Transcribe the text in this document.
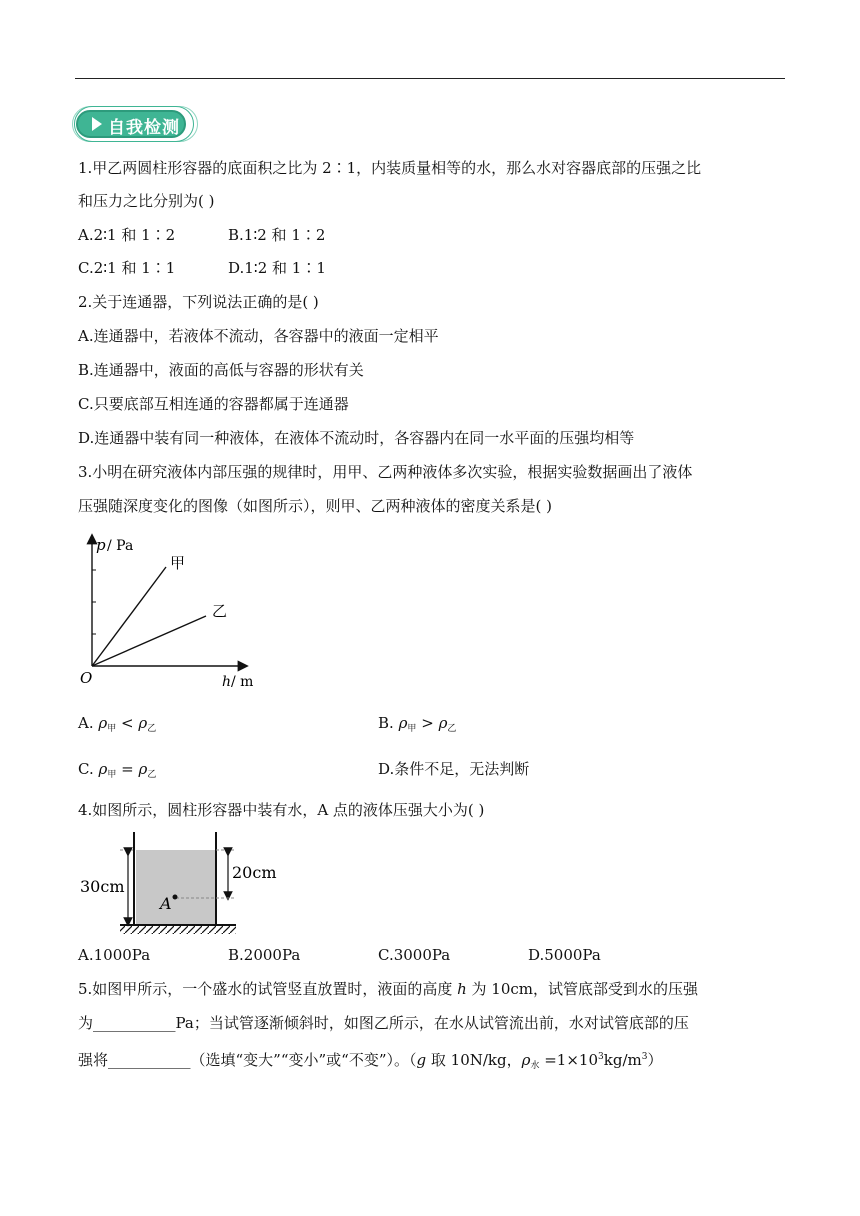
自我检测
1.甲乙两圆柱形容器的底面积之比为 2∶1，内装质量相等的水，那么水对容器底部的压强之比
和压力之比分别为( )
A.2∶1 和 1∶2	B.1∶2 和 1∶2
C.2∶1 和 1∶1	D.1∶2 和 1∶1
2.关于连通器，下列说法正确的是( )
A.连通器中，若液体不流动，各容器中的液面一定相平
B.连通器中，液面的高低与容器的形状有关
C.只要底部互相连通的容器都属于连通器
D.连通器中装有同一种液体，在液体不流动时，各容器内在同一水平面的压强均相等
3.小明在研究液体内部压强的规律时，用甲、乙两种液体多次实验，根据实验数据画出了液体
压强随深度变化的图像（如图所示），则甲、乙两种液体的密度关系是( )
p / Pa
甲
乙
O	h / m
A. $\rho_甲 < \rho_乙$	B. $\rho_甲 > \rho_乙$
C. $\rho_甲 = \rho_乙$	D.条件不足，无法判断
4.如图所示，圆柱形容器中装有水，A 点的液体压强大小为( )
30cm
20cm
A
A.1000Pa	B.2000Pa	C.3000Pa	D.5000Pa
5.如图甲所示，一个盛水的试管竖直放置时，液面的高度 h 为 10cm，试管底部受到水的压强
为___________Pa；当试管逐渐倾斜时，如图乙所示，在水从试管流出前，水对试管底部的压
强将___________（选填“变大”“变小”或“不变”）。（g 取 10N/kg，$\rho_水 =1\times 10^3kg/m^3$）
